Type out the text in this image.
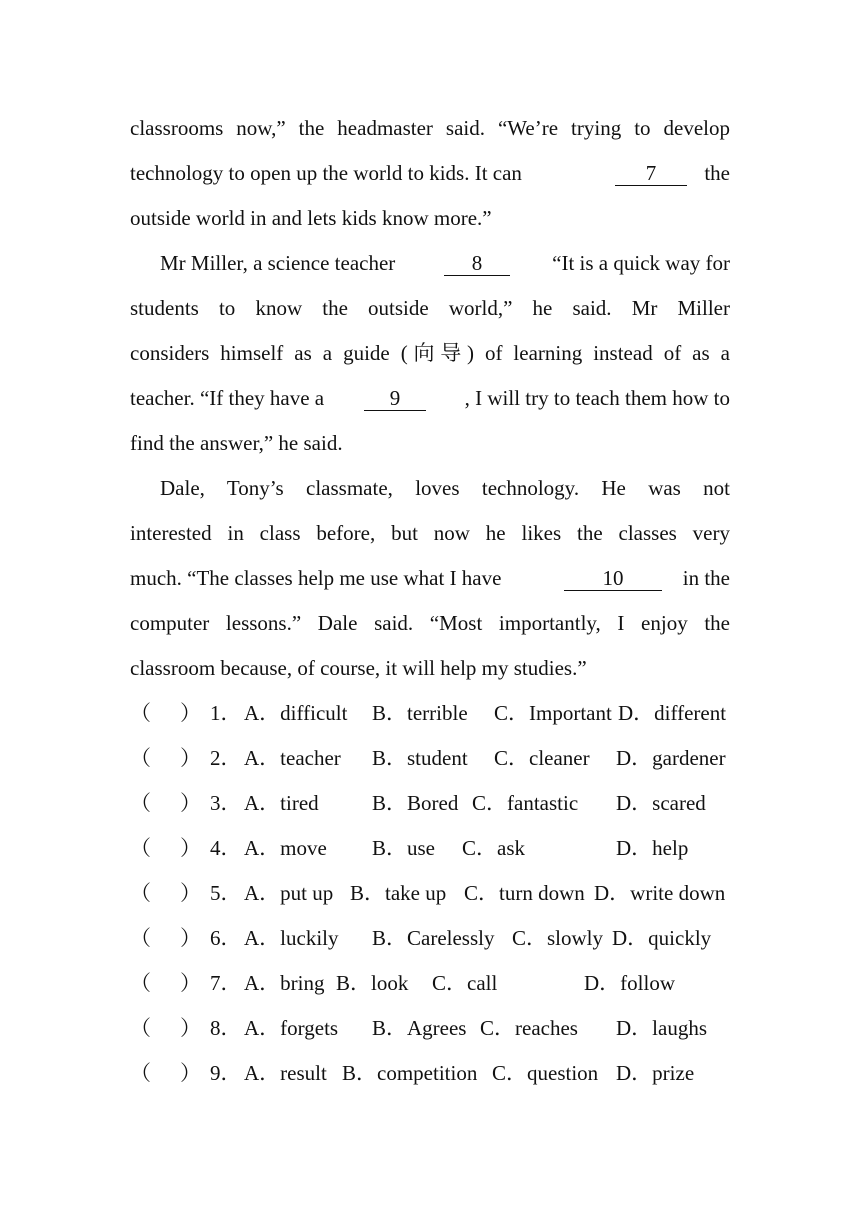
classrooms now,” the headmaster said. “We’re trying to develop
technology to open up the world to kids. It can	7	the
outside world in and lets kids know more.”
Mr Miller, a science teacher	8	“It is a quick way for
students to know the outside world,” he said. Mr Miller
considers himself as a guide (向导) of learning instead of as a
teacher. “If they have a	9	, I will try to teach them how to
find the answer,” he said.
Dale, Tony’s classmate, loves technology. He was not
interested in class before, but now he likes the classes very
much. “The classes help me use what I have	10	in the
computer lessons.” Dale said. “Most importantly, I enjoy the
classroom because, of course, it will help my studies.”
（ ） 1． A．difficult B．terrible C．Important D．different
（ ） 2． A．teacher B．student C．cleaner D．gardener
（ ） 3． A．tired	B．Bored C．fantastic D．scared
（ ） 4． A．move B．use C．ask	D．help
（ ） 5． A．put up B．take up C．turn down D．write down
（ ） 6． A．luckily B．Carelessly C．slowly D．quickly
（ ） 7． A．bring B．look C．call	D．follow
（ ） 8． A．forgets B．Agrees C．reaches D．laughs
（ ） 9． A．result B．competition C．question D．prize
